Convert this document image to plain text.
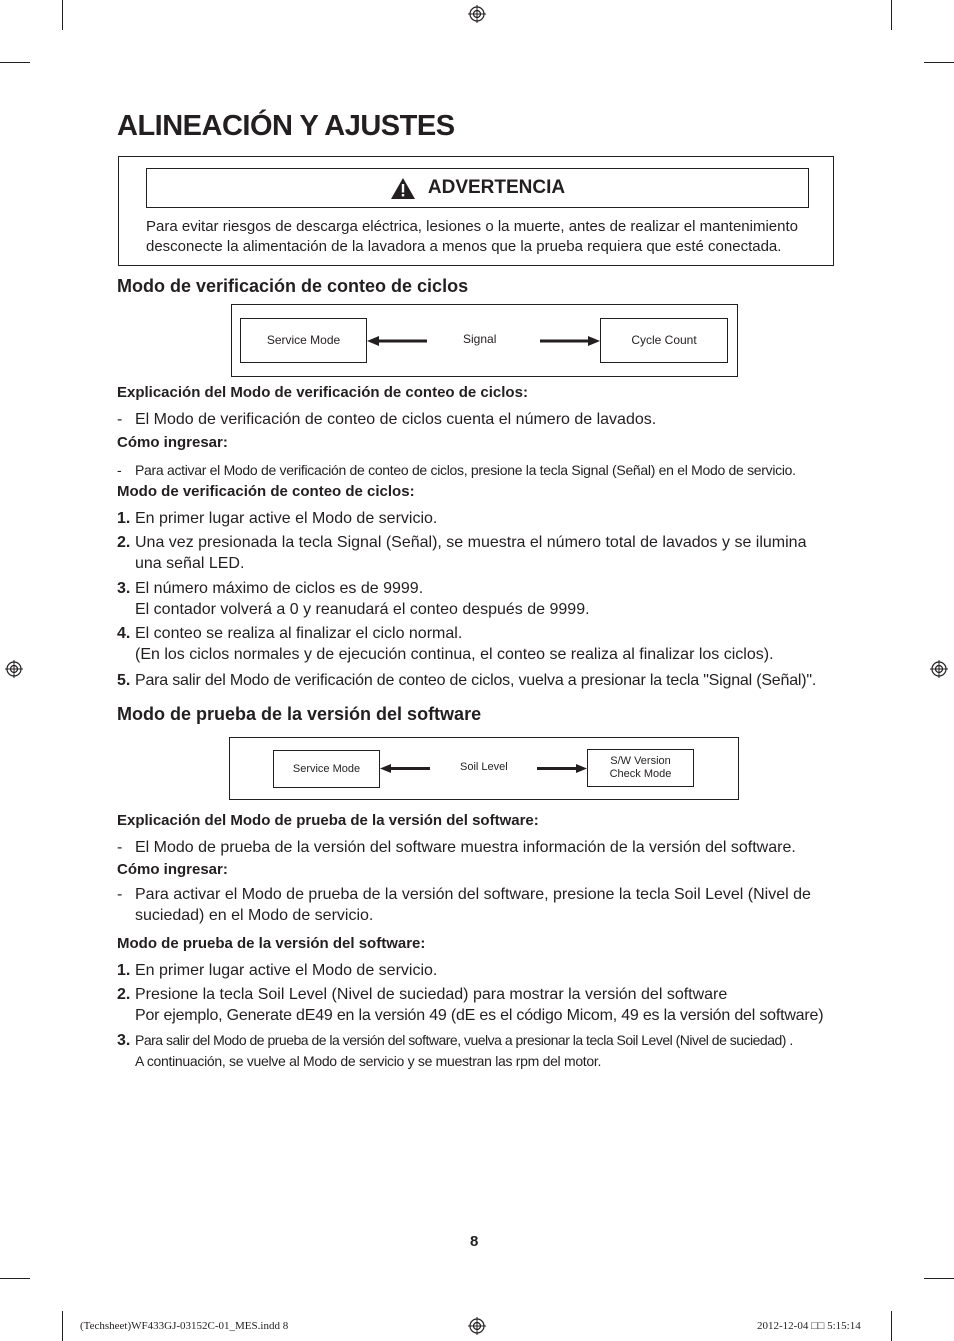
ALINEACIÓN Y AJUSTES
ADVERTENCIA
Para evitar riesgos de descarga eléctrica, lesiones o la muerte, antes de realizar el mantenimiento desconecte la alimentación de la lavadora a menos que la prueba requiera que esté conectada.
Modo de verificación de conteo de ciclos
Service Mode	Signal	Cycle Count
Explicación del Modo de verificación de conteo de ciclos:
- El Modo de verificación de conteo de ciclos cuenta el número de lavados.
Cómo ingresar:
- Para activar el Modo de verificación de conteo de ciclos, presione la tecla Signal (Señal) en el Modo de servicio.
Modo de verificación de conteo de ciclos:
1. En primer lugar active el Modo de servicio.
2. Una vez presionada la tecla Signal (Señal), se muestra el número total de lavados y se ilumina
una señal LED.
3. El número máximo de ciclos es de 9999.
El contador volverá a 0 y reanudará el conteo después de 9999.
4. El conteo se realiza al finalizar el ciclo normal.
(En los ciclos normales y de ejecución continua, el conteo se realiza al finalizar los ciclos).
5. Para salir del Modo de verificación de conteo de ciclos, vuelva a presionar la tecla "Signal (Señal)".
Modo de prueba de la versión del software
Service Mode	Soil Level	S/W Version Check Mode
Explicación del Modo de prueba de la versión del software:
- El Modo de prueba de la versión del software muestra información de la versión del software.
Cómo ingresar:
- Para activar el Modo de prueba de la versión del software, presione la tecla Soil Level (Nivel de
suciedad) en el Modo de servicio.
Modo de prueba de la versión del software:
1. En primer lugar active el Modo de servicio.
2. Presione la tecla Soil Level (Nivel de suciedad) para mostrar la versión del software
Por ejemplo, Generate dE49 en la versión 49 (dE es el código Micom, 49 es la versión del software)
3. Para salir del Modo de prueba de la versión del software, vuelva a presionar la tecla Soil Level (Nivel de suciedad) .
A continuación, se vuelve al Modo de servicio y se muestran las rpm del motor.
8
(Techsheet)WF433GJ-03152C-01_MES.indd 8	2012-12-04 □□ 5:15:14
